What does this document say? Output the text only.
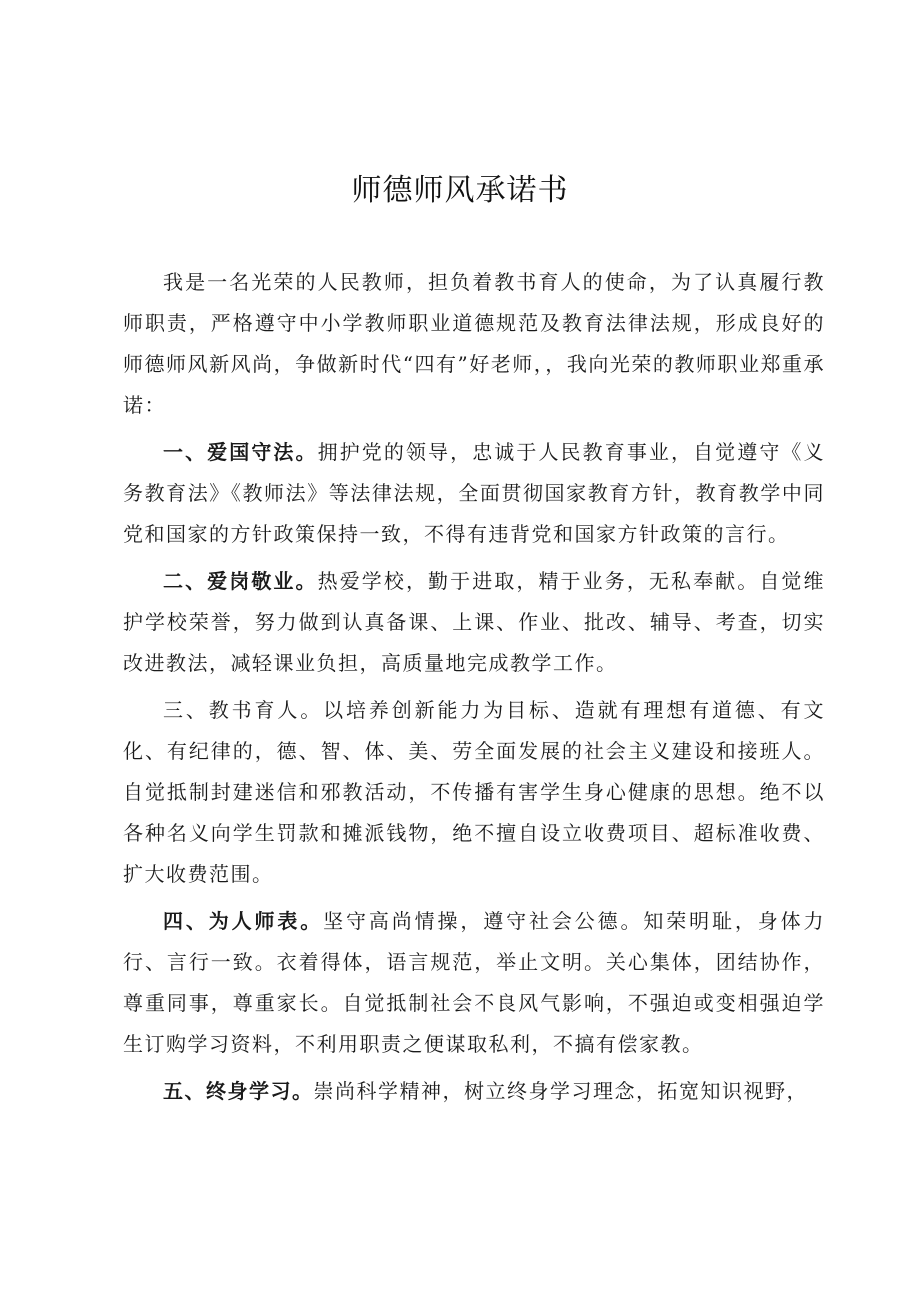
师德师风承诺书

我是一名光荣的人民教师，担负着教书育人的使命，为了认真履行教师职责，严格遵守中小学教师职业道德规范及教育法律法规，形成良好的师德师风新风尚，争做新时代“四有”好老师，，我向光荣的教师职业郑重承诺：

一、爱国守法。拥护党的领导，忠诚于人民教育事业，自觉遵守《义务教育法》《教师法》等法律法规，全面贯彻国家教育方针，教育教学中同党和国家的方针政策保持一致，不得有违背党和国家方针政策的言行。

二、爱岗敬业。热爱学校，勤于进取，精于业务，无私奉献。自觉维护学校荣誉，努力做到认真备课、上课、作业、批改、辅导、考查，切实改进教法，减轻课业负担，高质量地完成教学工作。

三、教书育人。以培养创新能力为目标、造就有理想有道德、有文化、有纪律的，德、智、体、美、劳全面发展的社会主义建设和接班人。自觉抵制封建迷信和邪教活动，不传播有害学生身心健康的思想。绝不以各种名义向学生罚款和摊派钱物，绝不擅自设立收费项目、超标准收费、扩大收费范围。

四、为人师表。坚守高尚情操，遵守社会公德。知荣明耻，身体力行、言行一致。衣着得体，语言规范，举止文明。关心集体，团结协作，尊重同事，尊重家长。自觉抵制社会不良风气影响，不强迫或变相强迫学生订购学习资料，不利用职责之便谋取私利，不搞有偿家教。

五、终身学习。崇尚科学精神，树立终身学习理念，拓宽知识视野，
